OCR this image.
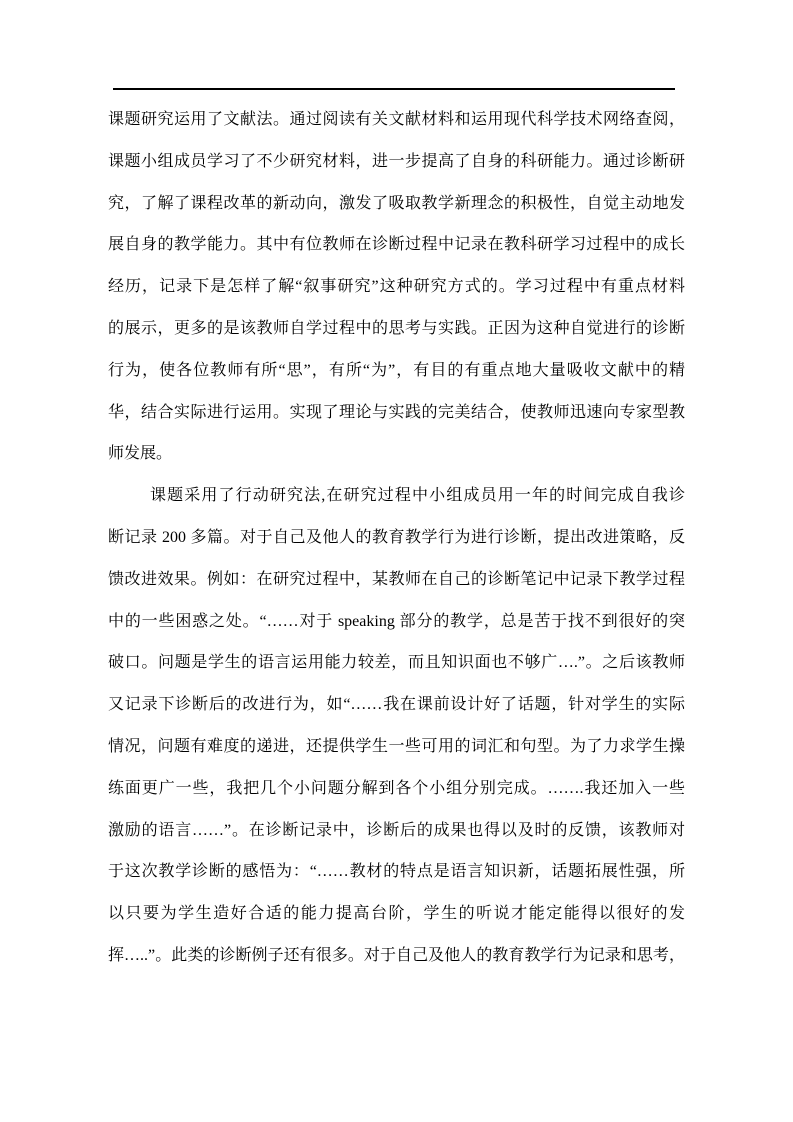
课题研究运用了文献法。通过阅读有关文献材料和运用现代科学技术网络查阅，
课题小组成员学习了不少研究材料，进一步提高了自身的科研能力。通过诊断研
究，了解了课程改革的新动向，激发了吸取教学新理念的积极性，自觉主动地发
展自身的教学能力。其中有位教师在诊断过程中记录在教科研学习过程中的成长
经历，记录下是怎样了解“叙事研究”这种研究方式的。学习过程中有重点材料
的展示，更多的是该教师自学过程中的思考与实践。正因为这种自觉进行的诊断
行为，使各位教师有所“思”，有所“为”，有目的有重点地大量吸收文献中的精
华，结合实际进行运用。实现了理论与实践的完美结合，使教师迅速向专家型教
师发展。
课题采用了行动研究法,在研究过程中小组成员用一年的时间完成自我诊
断记录 200 多篇。对于自己及他人的教育教学行为进行诊断，提出改进策略，反
馈改进效果。例如：在研究过程中，某教师在自己的诊断笔记中记录下教学过程
中的一些困惑之处。“……对于 speaking 部分的教学，总是苦于找不到很好的突
破口。问题是学生的语言运用能力较差，而且知识面也不够广….”。之后该教师
又记录下诊断后的改进行为，如“……我在课前设计好了话题，针对学生的实际
情况，问题有难度的递进，还提供学生一些可用的词汇和句型。为了力求学生操
练面更广一些，我把几个小问题分解到各个小组分别完成。…….我还加入一些
激励的语言……”。在诊断记录中，诊断后的成果也得以及时的反馈，该教师对
于这次教学诊断的感悟为：“……教材的特点是语言知识新，话题拓展性强，所
以只要为学生造好合适的能力提高台阶，学生的听说才能定能得以很好的发
挥…..”。此类的诊断例子还有很多。对于自己及他人的教育教学行为记录和思考，
